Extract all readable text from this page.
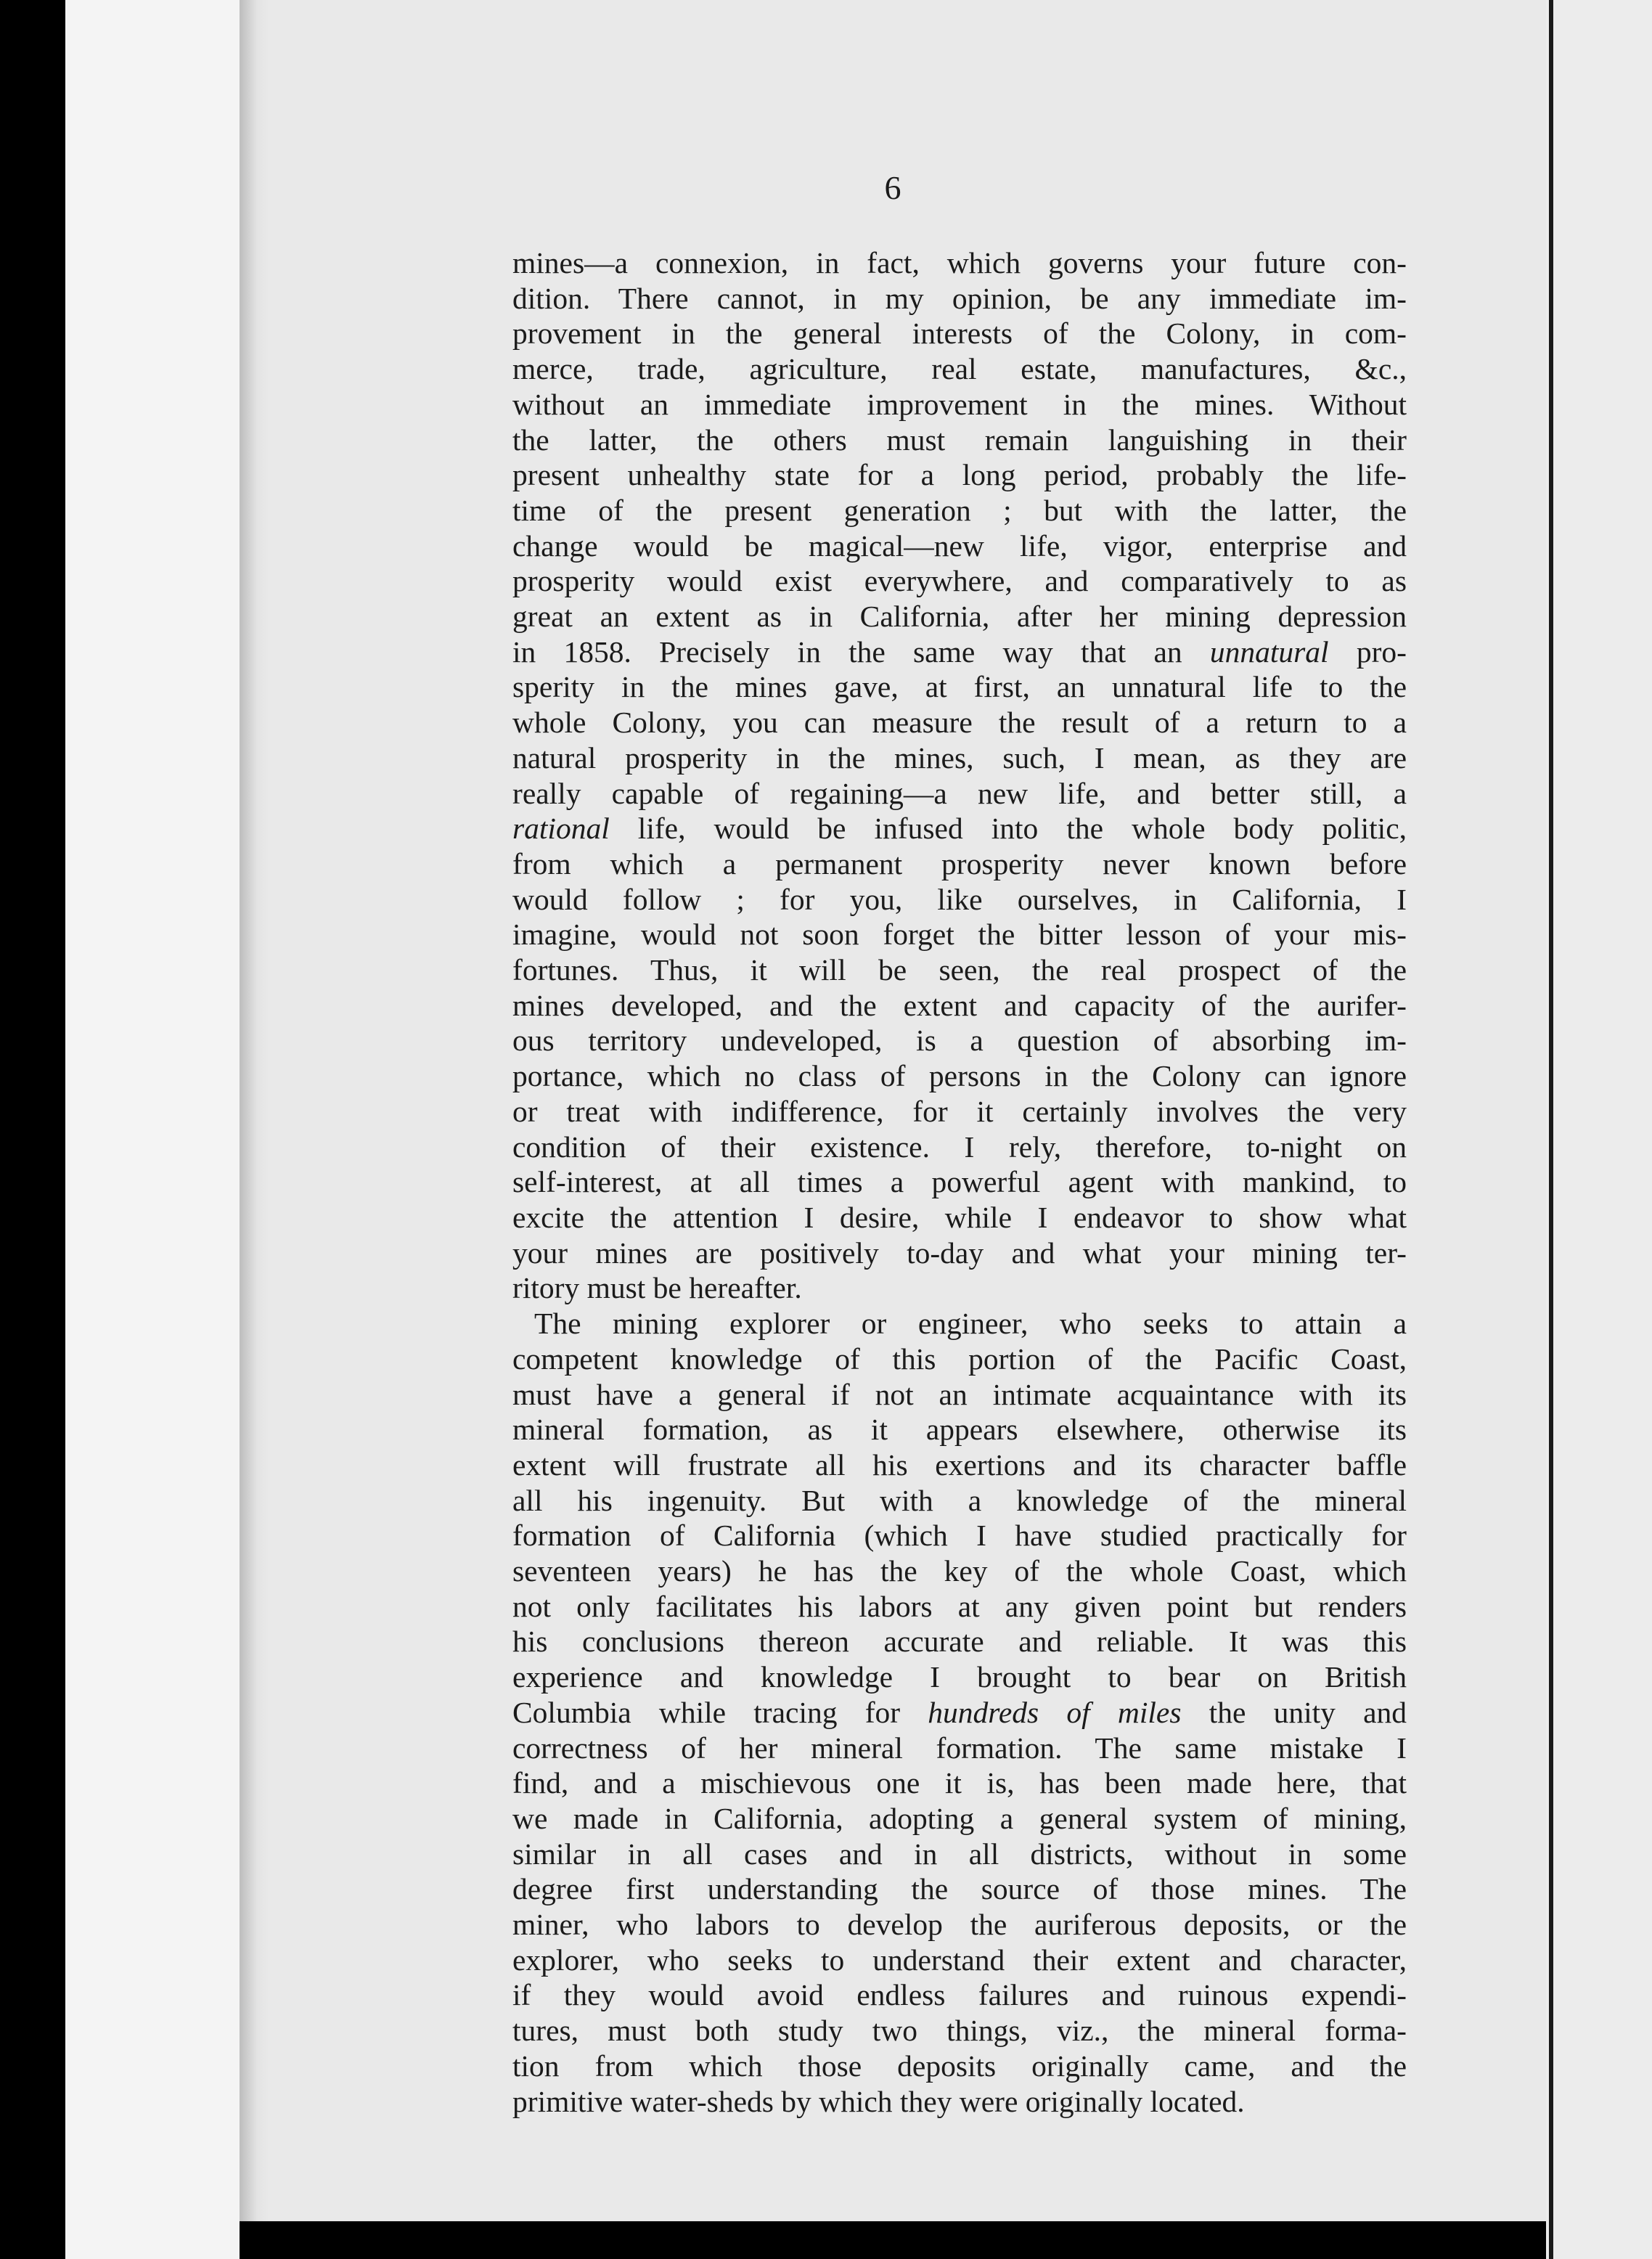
6
mines—a connexion, in fact, which governs your future con-
dition. There cannot, in my opinion, be any immediate im-
provement in the general interests of the Colony, in com-
merce, trade, agriculture, real estate, manufactures, &c.,
without an immediate improvement in the mines. Without
the latter, the others must remain languishing in their
present unhealthy state for a long period, probably the life-
time of the present generation ; but with the latter, the
change would be magical—new life, vigor, enterprise and
prosperity would exist everywhere, and comparatively to as
great an extent as in California, after her mining depression
in 1858. Precisely in the same way that an unnatural pro-
sperity in the mines gave, at first, an unnatural life to the
whole Colony, you can measure the result of a return to a
natural prosperity in the mines, such, I mean, as they are
really capable of regaining—a new life, and better still, a
rational life, would be infused into the whole body politic,
from which a permanent prosperity never known before
would follow ; for you, like ourselves, in California, I
imagine, would not soon forget the bitter lesson of your mis-
fortunes. Thus, it will be seen, the real prospect of the
mines developed, and the extent and capacity of the aurifer-
ous territory undeveloped, is a question of absorbing im-
portance, which no class of persons in the Colony can ignore
or treat with indifference, for it certainly involves the very
condition of their existence. I rely, therefore, to-night on
self-interest, at all times a powerful agent with mankind, to
excite the attention I desire, while I endeavor to show what
your mines are positively to-day and what your mining ter-
ritory must be hereafter.
The mining explorer or engineer, who seeks to attain a
competent knowledge of this portion of the Pacific Coast,
must have a general if not an intimate acquaintance with its
mineral formation, as it appears elsewhere, otherwise its
extent will frustrate all his exertions and its character baffle
all his ingenuity. But with a knowledge of the mineral
formation of California (which I have studied practically for
seventeen years) he has the key of the whole Coast, which
not only facilitates his labors at any given point but renders
his conclusions thereon accurate and reliable. It was this
experience and knowledge I brought to bear on British
Columbia while tracing for hundreds of miles the unity and
correctness of her mineral formation. The same mistake I
find, and a mischievous one it is, has been made here, that
we made in California, adopting a general system of mining,
similar in all cases and in all districts, without in some
degree first understanding the source of those mines. The
miner, who labors to develop the auriferous deposits, or the
explorer, who seeks to understand their extent and character,
if they would avoid endless failures and ruinous expendi-
tures, must both study two things, viz., the mineral forma-
tion from which those deposits originally came, and the
primitive water-sheds by which they were originally located.
